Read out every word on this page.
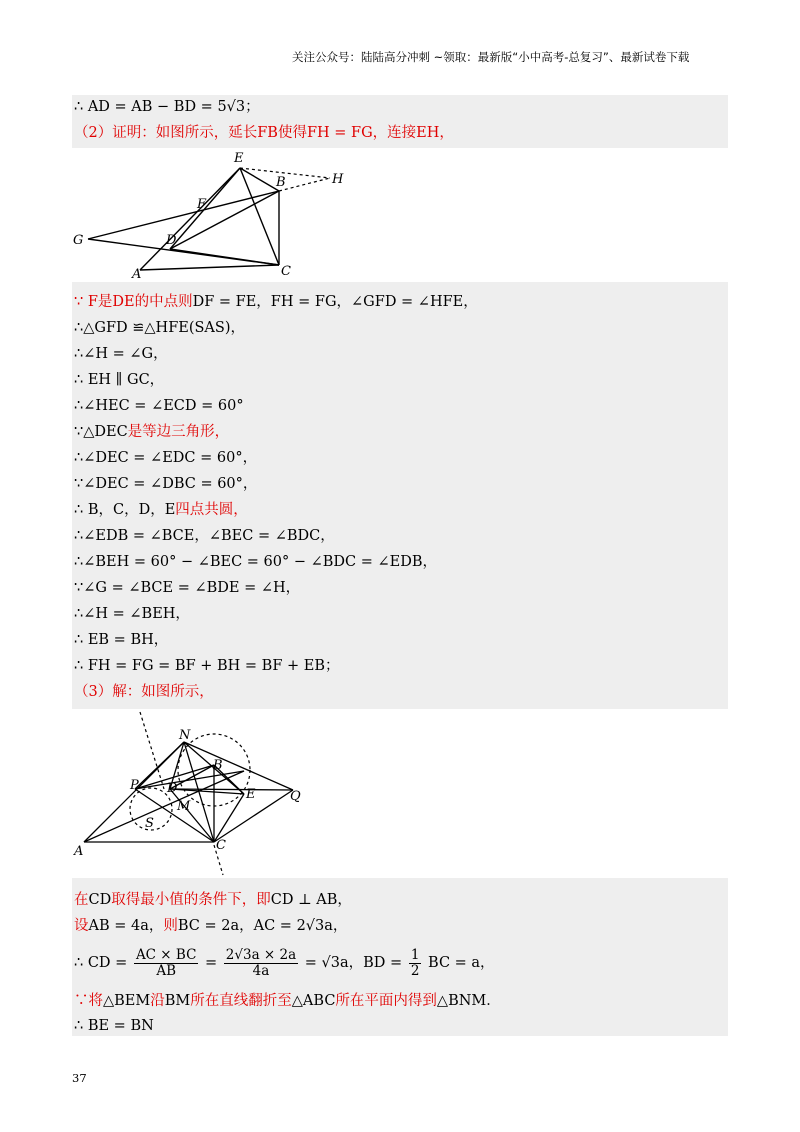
关注公众号：陆陆高分冲刺 ~领取：最新版“小中高考-总复习”、最新试卷下载
∴ AD = AB − BD = 5√3；
（2）证明：如图所示，延长FB使得FH = FG，连接EH，
E
B	H
F
G	D
A	C
∵ F是DE的中点则DF = FE，FH = FG，∠GFD = ∠HFE，
∴△GFD ≌△HFE(SAS)，
∴∠H = ∠G，
∴ EH ∥ GC，
∴∠HEC = ∠ECD = 60°
∵△DEC是等边三角形，
∴∠DEC = ∠EDC = 60°，
∵∠DEC = ∠DBC = 60°，
∴ B，C，D，E四点共圆，
∴∠EDB = ∠BCE，∠BEC = ∠BDC，
∴∠BEH = 60° − ∠BEC = 60° − ∠BDC = ∠EDB，
∵∠G = ∠BCE = ∠BDE = ∠H，
∴∠H = ∠BEH，
∴ EB = BH，
∴ FH = FG = BF + BH = BF + EB；
（3）解：如图所示，
N
B
P D
M
E	Q
S
A	C
在CD取得最小值的条件下，即CD ⊥ AB，
设AB = 4a，则BC = 2a，AC = 2√3a，
∴ CD = $\frac{AC \times BC}{AB} = \frac{2√3a \times 2a}{4a} = √3a$，BD = $\frac{1}{2}$ BC = a，
∵将△BEM沿BM所在直线翻折至△ABC所在平面内得到△BNM．
∴ BE = BN
37
